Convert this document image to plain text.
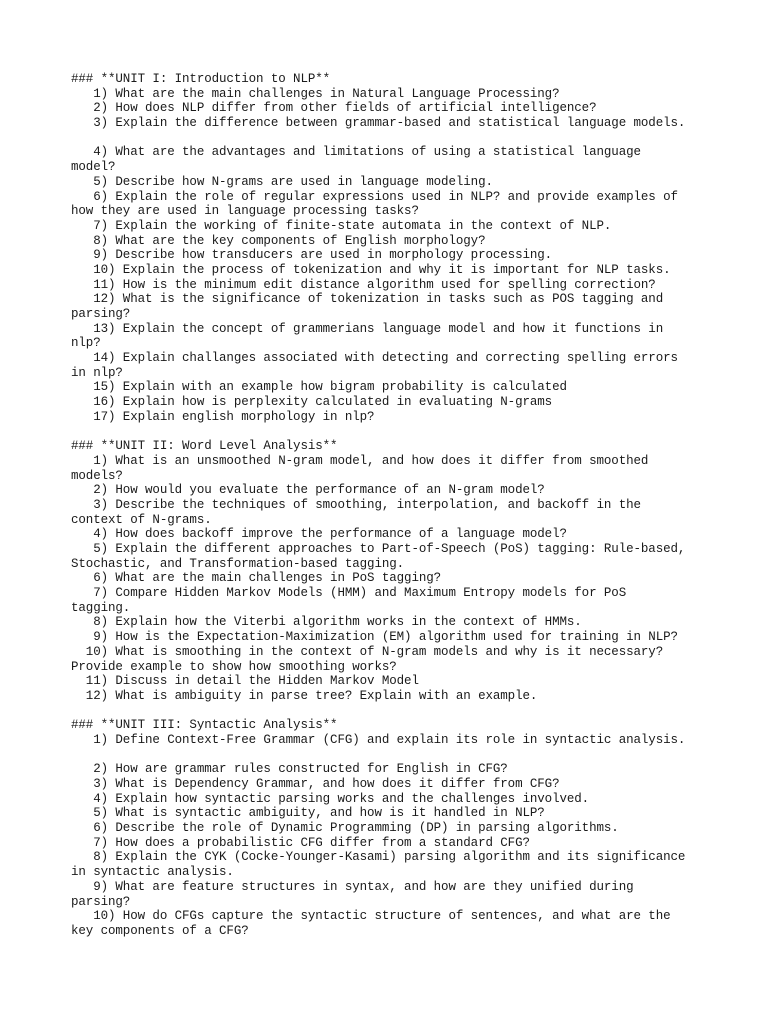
### **UNIT I: Introduction to NLP**
1) What are the main challenges in Natural Language Processing?
2) How does NLP differ from other fields of artificial intelligence?
3) Explain the difference between grammar-based and statistical language models.
4) What are the advantages and limitations of using a statistical language
model?
5) Describe how N-grams are used in language modeling.
6) Explain the role of regular expressions used in NLP? and provide examples of
how they are used in language processing tasks?
7) Explain the working of finite-state automata in the context of NLP.
8) What are the key components of English morphology?
9) Describe how transducers are used in morphology processing.
10) Explain the process of tokenization and why it is important for NLP tasks.
11) How is the minimum edit distance algorithm used for spelling correction?
12) What is the significance of tokenization in tasks such as POS tagging and
parsing?
13) Explain the concept of grammerians language model and how it functions in
nlp?
14) Explain challanges associated with detecting and correcting spelling errors
in nlp?
15) Explain with an example how bigram probability is calculated
16) Explain how is perplexity calculated in evaluating N-grams
17) Explain english morphology in nlp?
### **UNIT II: Word Level Analysis**
1) What is an unsmoothed N-gram model, and how does it differ from smoothed
models?
2) How would you evaluate the performance of an N-gram model?
3) Describe the techniques of smoothing, interpolation, and backoff in the
context of N-grams.
4) How does backoff improve the performance of a language model?
5) Explain the different approaches to Part-of-Speech (PoS) tagging: Rule-based,
Stochastic, and Transformation-based tagging.
6) What are the main challenges in PoS tagging?
7) Compare Hidden Markov Models (HMM) and Maximum Entropy models for PoS
tagging.
8) Explain how the Viterbi algorithm works in the context of HMMs.
9) How is the Expectation-Maximization (EM) algorithm used for training in NLP?
10) What is smoothing in the context of N-gram models and why is it necessary?
Provide example to show how smoothing works?
11) Discuss in detail the Hidden Markov Model
12) What is ambiguity in parse tree? Explain with an example.
### **UNIT III: Syntactic Analysis**
1) Define Context-Free Grammar (CFG) and explain its role in syntactic analysis.
2) How are grammar rules constructed for English in CFG?
3) What is Dependency Grammar, and how does it differ from CFG?
4) Explain how syntactic parsing works and the challenges involved.
5) What is syntactic ambiguity, and how is it handled in NLP?
6) Describe the role of Dynamic Programming (DP) in parsing algorithms.
7) How does a probabilistic CFG differ from a standard CFG?
8) Explain the CYK (Cocke-Younger-Kasami) parsing algorithm and its significance
in syntactic analysis.
9) What are feature structures in syntax, and how are they unified during
parsing?
10) How do CFGs capture the syntactic structure of sentences, and what are the
key components of a CFG?
